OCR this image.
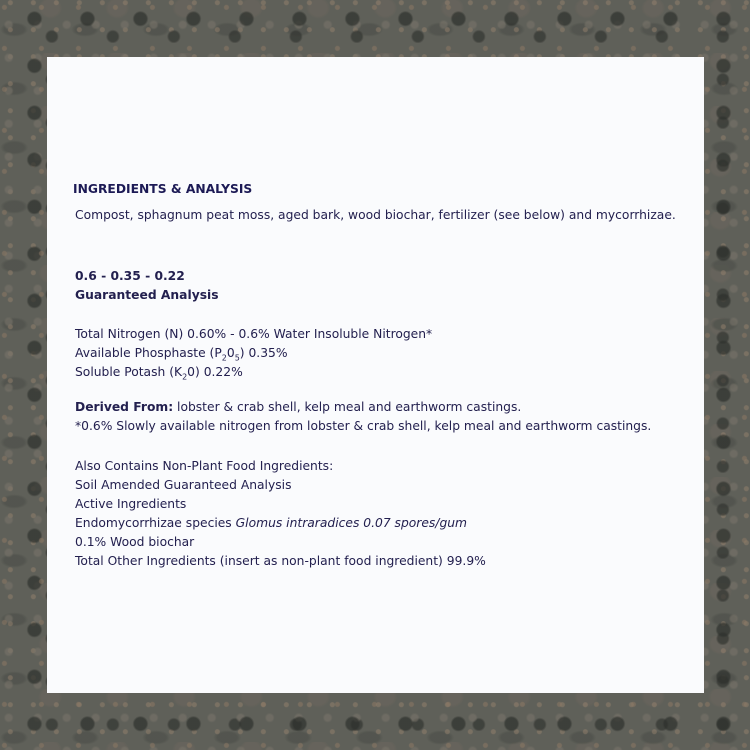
INGREDIENTS & ANALYSIS

Compost, sphagnum peat moss, aged bark, wood biochar, fertilizer (see below) and mycorrhizae.

0.6 - 0.35 - 0.22

Guaranteed Analysis

Total Nitrogen (N) 0.60% - 0.6% Water Insoluble Nitrogen*

Available Phosphaste $(P_20_5)$ 0.35%

Soluble Potash $(K_20)$ 0.22%

Derived From: lobster & crab shell, kelp meal and earthworm castings.

*0.6% Slowly available nitrogen from lobster & crab shell, kelp meal and earthworm castings.

Also Contains Non-Plant Food Ingredients:

Soil Amended Guaranteed Analysis

Active Ingredients

Endomycorrhizae species Glomus intraradices 0.07 spores/gum

0.1% Wood biochar

Total Other Ingredients (insert as non-plant food ingredient) 99.9%
